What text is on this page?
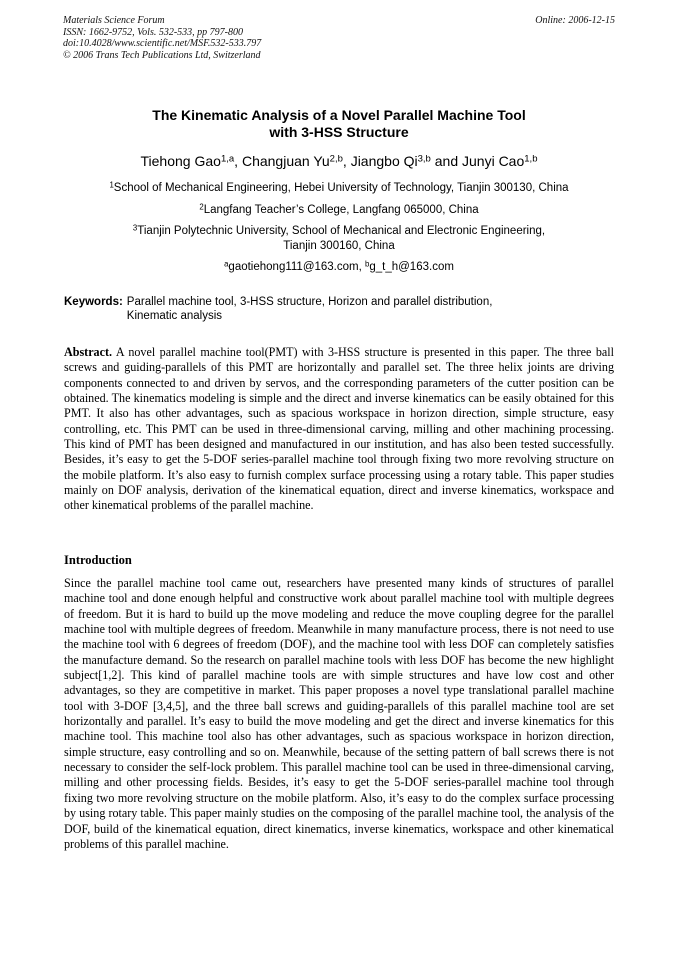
Materials Science Forum
ISSN: 1662-9752, Vols. 532-533, pp 797-800
doi:10.4028/www.scientific.net/MSF.532-533.797
© 2006 Trans Tech Publications Ltd, Switzerland
Online: 2006-12-15
The Kinematic Analysis of a Novel Parallel Machine Tool
with 3-HSS Structure
Tiehong Gao$^{1,a}$, Changjuan Yu$^{2,b}$, Jiangbo Qi$^{3,b}$ and Junyi Cao$^{1,b}$
$^1$School of Mechanical Engineering, Hebei University of Technology, Tianjin 300130, China
$^2$Langfang Teacher’s College, Langfang 065000, China
$^3$Tianjin Polytechnic University, School of Mechanical and Electronic Engineering,
Tianjin 300160, China
$^a$gaotiehong111@163.com, $^b$g_t_h@163.com
Keywords: Parallel machine tool, 3-HSS structure, Horizon and parallel distribution,
Kinematic analysis

Abstract. A novel parallel machine tool(PMT) with 3-HSS structure is presented in this paper. The three ball screws and guiding-parallels of this PMT are horizontally and parallel set. The three helix joints are driving components connected to and driven by servos, and the corresponding parameters of the cutter position can be obtained. The kinematics modeling is simple and the direct and inverse kinematics can be easily obtained for this PMT. It also has other advantages, such as spacious workspace in horizon direction, simple structure, easy controlling, etc. This PMT can be used in three-dimensional carving, milling and other machining processing. This kind of PMT has been designed and manufactured in our institution, and has also been tested successfully. Besides, it’s easy to get the 5-DOF series-parallel machine tool through fixing two more revolving structure on the mobile platform. It’s also easy to furnish complex surface processing using a rotary table. This paper studies mainly on DOF analysis, derivation of the kinematical equation, direct and inverse kinematics, workspace and other kinematical problems of the parallel machine.

Introduction

Since the parallel machine tool came out, researchers have presented many kinds of structures of parallel machine tool and done enough helpful and constructive work about parallel machine tool with multiple degrees of freedom. But it is hard to build up the move modeling and reduce the move coupling degree for the parallel machine tool with multiple degrees of freedom. Meanwhile in many manufacture process, there is not need to use the machine tool with 6 degrees of freedom (DOF), and the machine tool with less DOF can completely satisfies the manufacture demand. So the research on parallel machine tools with less DOF has become the new highlight subject[1,2]. This kind of parallel machine tools are with simple structures and have low cost and other advantages, so they are competitive in market. This paper proposes a novel type translational parallel machine tool with 3-DOF [3,4,5], and the three ball screws and guiding-parallels of this parallel machine tool are set horizontally and parallel. It’s easy to build the move modeling and get the direct and inverse kinematics for this machine tool. This machine tool also has other advantages, such as spacious workspace in horizon direction, simple structure, easy controlling and so on. Meanwhile, because of the setting pattern of ball screws there is not necessary to consider the self-lock problem. This parallel machine tool can be used in three-dimensional carving, milling and other processing fields. Besides, it’s easy to get the 5-DOF series-parallel machine tool through fixing two more revolving structure on the mobile platform. Also, it’s easy to do the complex surface processing by using rotary table. This paper mainly studies on the composing of the parallel machine tool, the analysis of the DOF, build of the kinematical equation, direct kinematics, inverse kinematics, workspace and other kinematical problems of this parallel machine.
